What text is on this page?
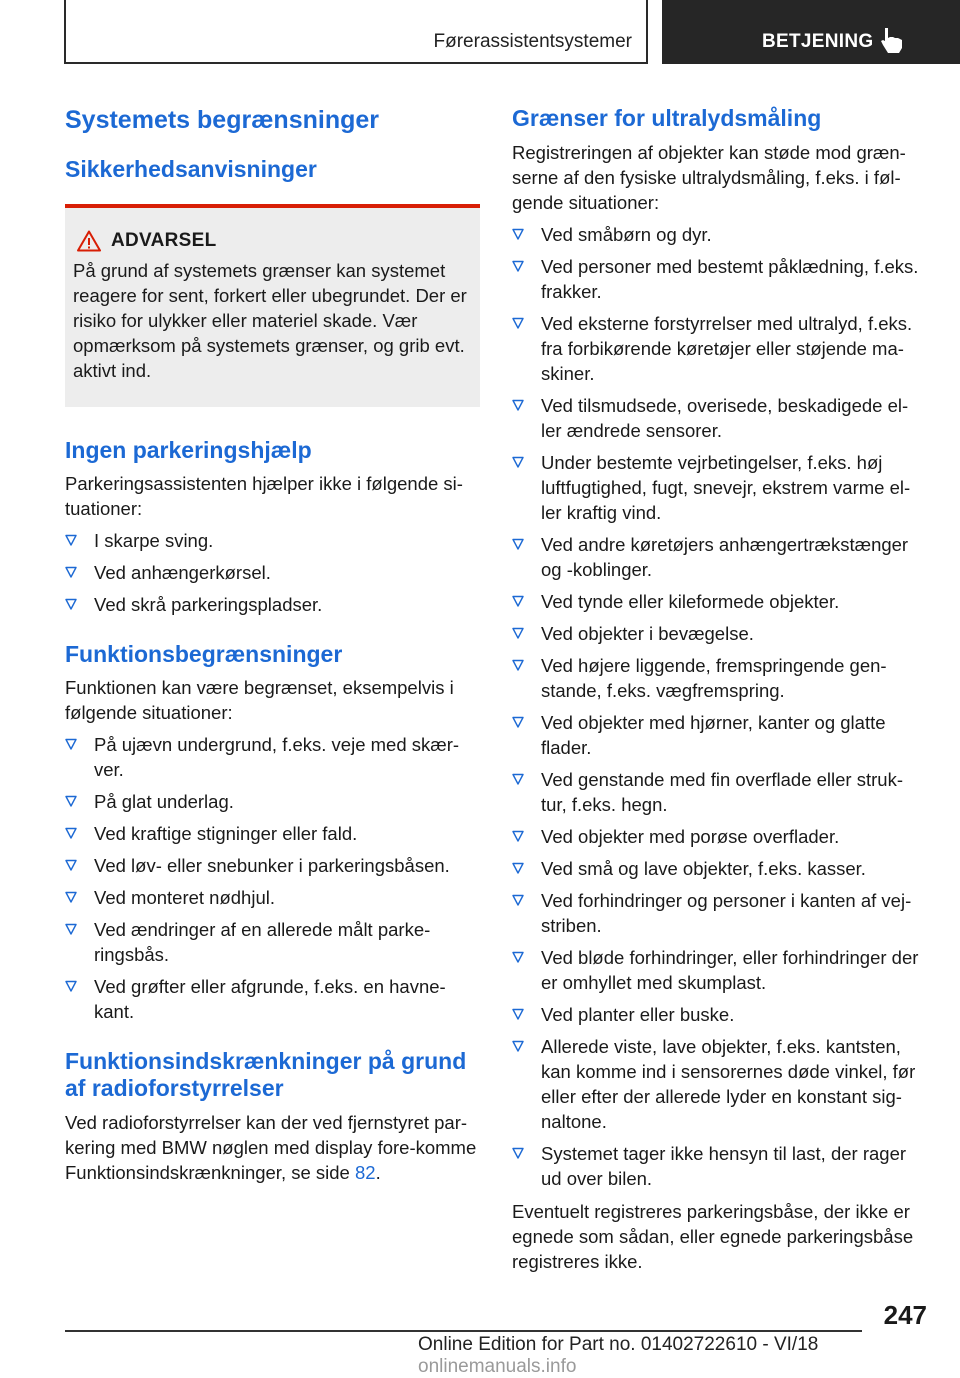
Førerassistentsystemer	BETJENING
Systemets begrænsninger
Sikkerhedsanvisninger
ADVARSEL

På grund af systemets grænser kan systemet reagere for sent, forkert eller ubegrundet. Der er risiko for ulykker eller materiel skade. Vær opmærksom på systemets grænser, og grib evt. aktivt ind.

Ingen parkeringshjælp

Parkeringsassistenten hjælper ikke i følgende si-tuationer:

I skarpe sving.
Ved anhængerkørsel.
Ved skrå parkeringspladser.
Funktionsbegrænsninger

Funktionen kan være begrænset, eksempelvis i følgende situationer:

På ujævn undergrund, f.eks. veje med skær-ver.
På glat underlag.
Ved kraftige stigninger eller fald.
Ved løv- eller snebunker i parkeringsbåsen.
Ved monteret nødhjul.
Ved ændringer af en allerede målt parke-ringsbås.
Ved grøfter eller afgrunde, f.eks. en havne-kant.
Funktionsindskrænkninger på grund af radioforstyrrelser

Ved radioforstyrrelser kan der ved fjernstyret par-kering med BMW nøglen med display fore-komme Funktionsindskrænkninger, se side 82.

Grænser for ultralydsmåling

Registreringen af objekter kan støde mod græn-serne af den fysiske ultralydsmåling, f.eks. i føl-gende situationer:

Ved småbørn og dyr.
Ved personer med bestemt påklædning, f.eks. frakker.
Ved eksterne forstyrrelser med ultralyd, f.eks. fra forbikørende køretøjer eller støjende ma-skiner.
Ved tilsmudsede, overisede, beskadigede el-ler ændrede sensorer.
Under bestemte vejrbetingelser, f.eks. høj luftfugtighed, fugt, snevejr, ekstrem varme el-ler kraftig vind.
Ved andre køretøjers anhængertrækstænger og -koblinger.
Ved tynde eller kileformede objekter.
Ved objekter i bevægelse.
Ved højere liggende, fremspringende gen-stande, f.eks. vægfremspring.
Ved objekter med hjørner, kanter og glatte flader.
Ved genstande med fin overflade eller struk-tur, f.eks. hegn.
Ved objekter med porøse overflader.
Ved små og lave objekter, f.eks. kasser.
Ved forhindringer og personer i kanten af vej-striben.
Ved bløde forhindringer, eller forhindringer der er omhyllet med skumplast.
Ved planter eller buske.
Allerede viste, lave objekter, f.eks. kantsten, kan komme ind i sensorernes døde vinkel, før eller efter der allerede lyder en konstant sig-naltone.
Systemet tager ikke hensyn til last, der rager ud over bilen.

Eventuelt registreres parkeringsbåse, der ikke er egnede som sådan, eller egnede parkeringsbåse registreres ikke.

247
Online Edition for Part no. 01402722610 - VI/18 onlinemanuals.info
